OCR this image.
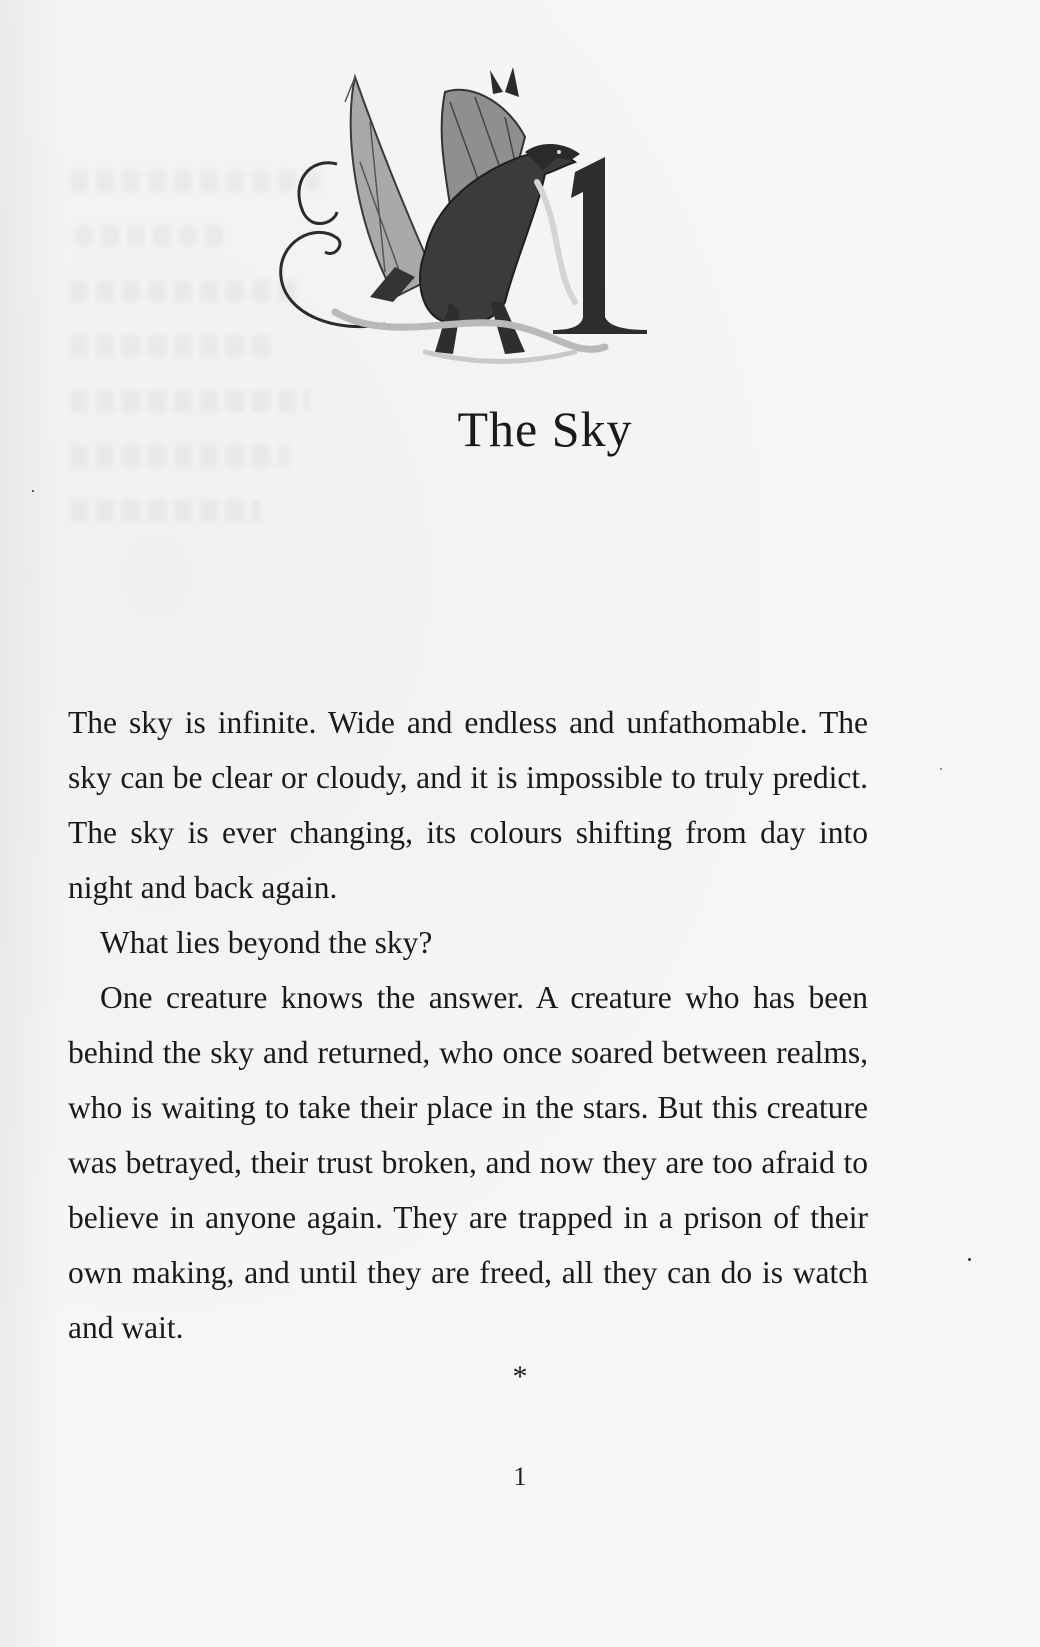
The Sky

The sky is infinite. Wide and endless and unfathomable. The sky can be clear or cloudy, and it is impossible to truly predict. The sky is ever changing, its colours shifting from day into night and back again.

What lies beyond the sky?

One creature knows the answer. A creature who has been behind the sky and returned, who once soared between realms, who is waiting to take their place in the stars. But this creature was betrayed, their trust broken, and now they are too afraid to believe in anyone again. They are trapped in a prison of their own making, and until they are freed, all they can do is watch and wait.

*
1
